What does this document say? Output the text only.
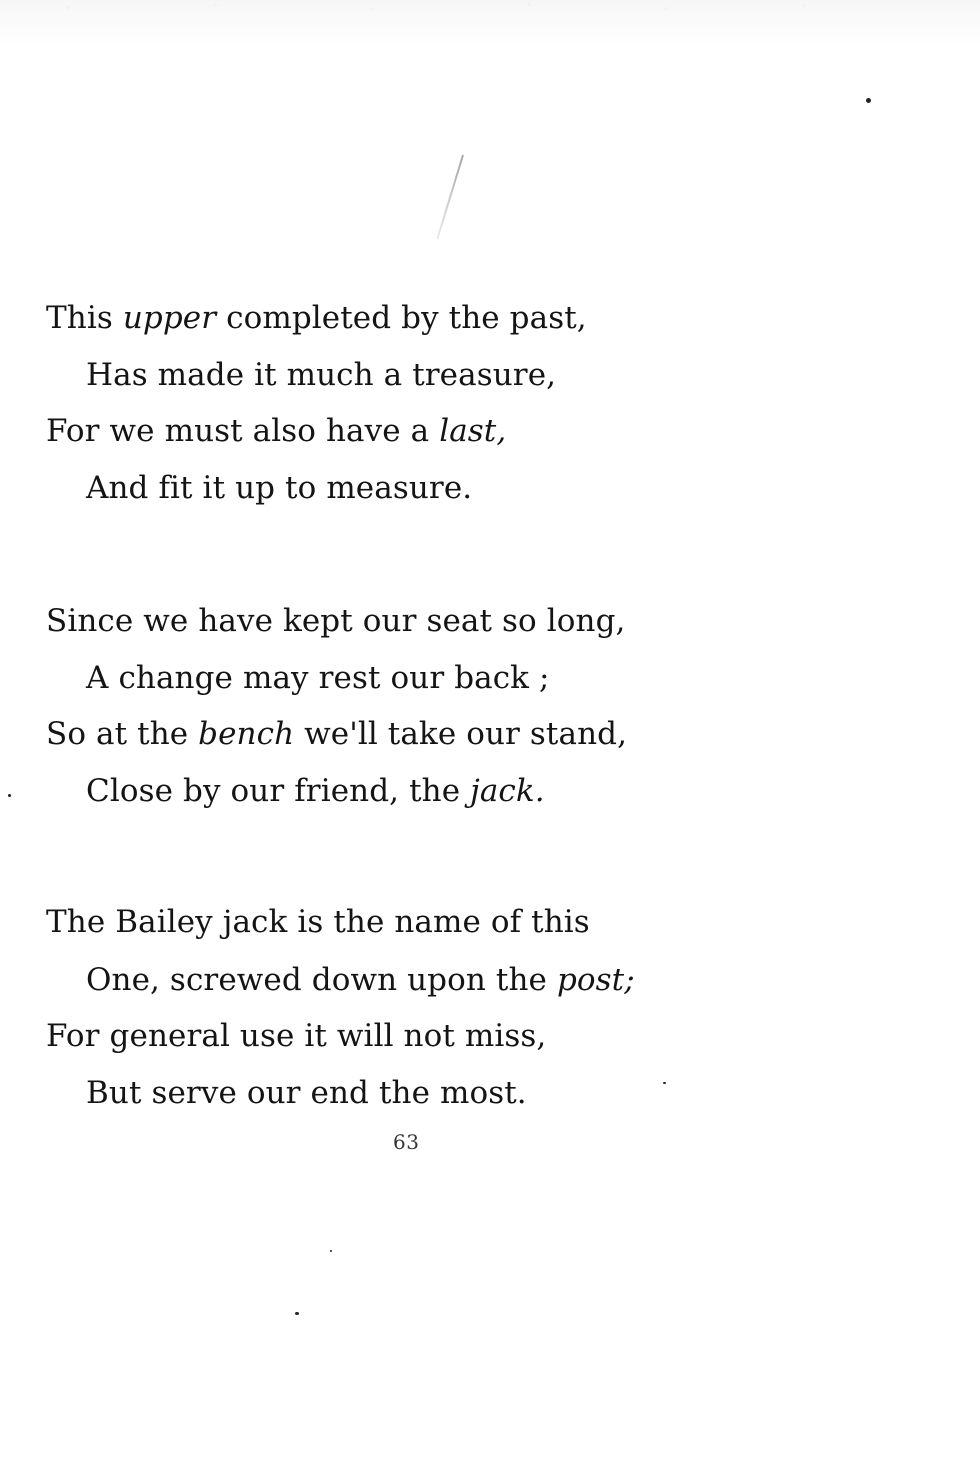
This upper completed by the past,
Has made it much a treasure,
For we must also have a last,
And fit it up to measure.
Since we have kept our seat so long,
A change may rest our back ;
So at the bench we'll take our stand,
Close by our friend, the jack.
The Bailey jack is the name of this
One, screwed down upon the post;
For general use it will not miss,
But serve our end the most.
63
